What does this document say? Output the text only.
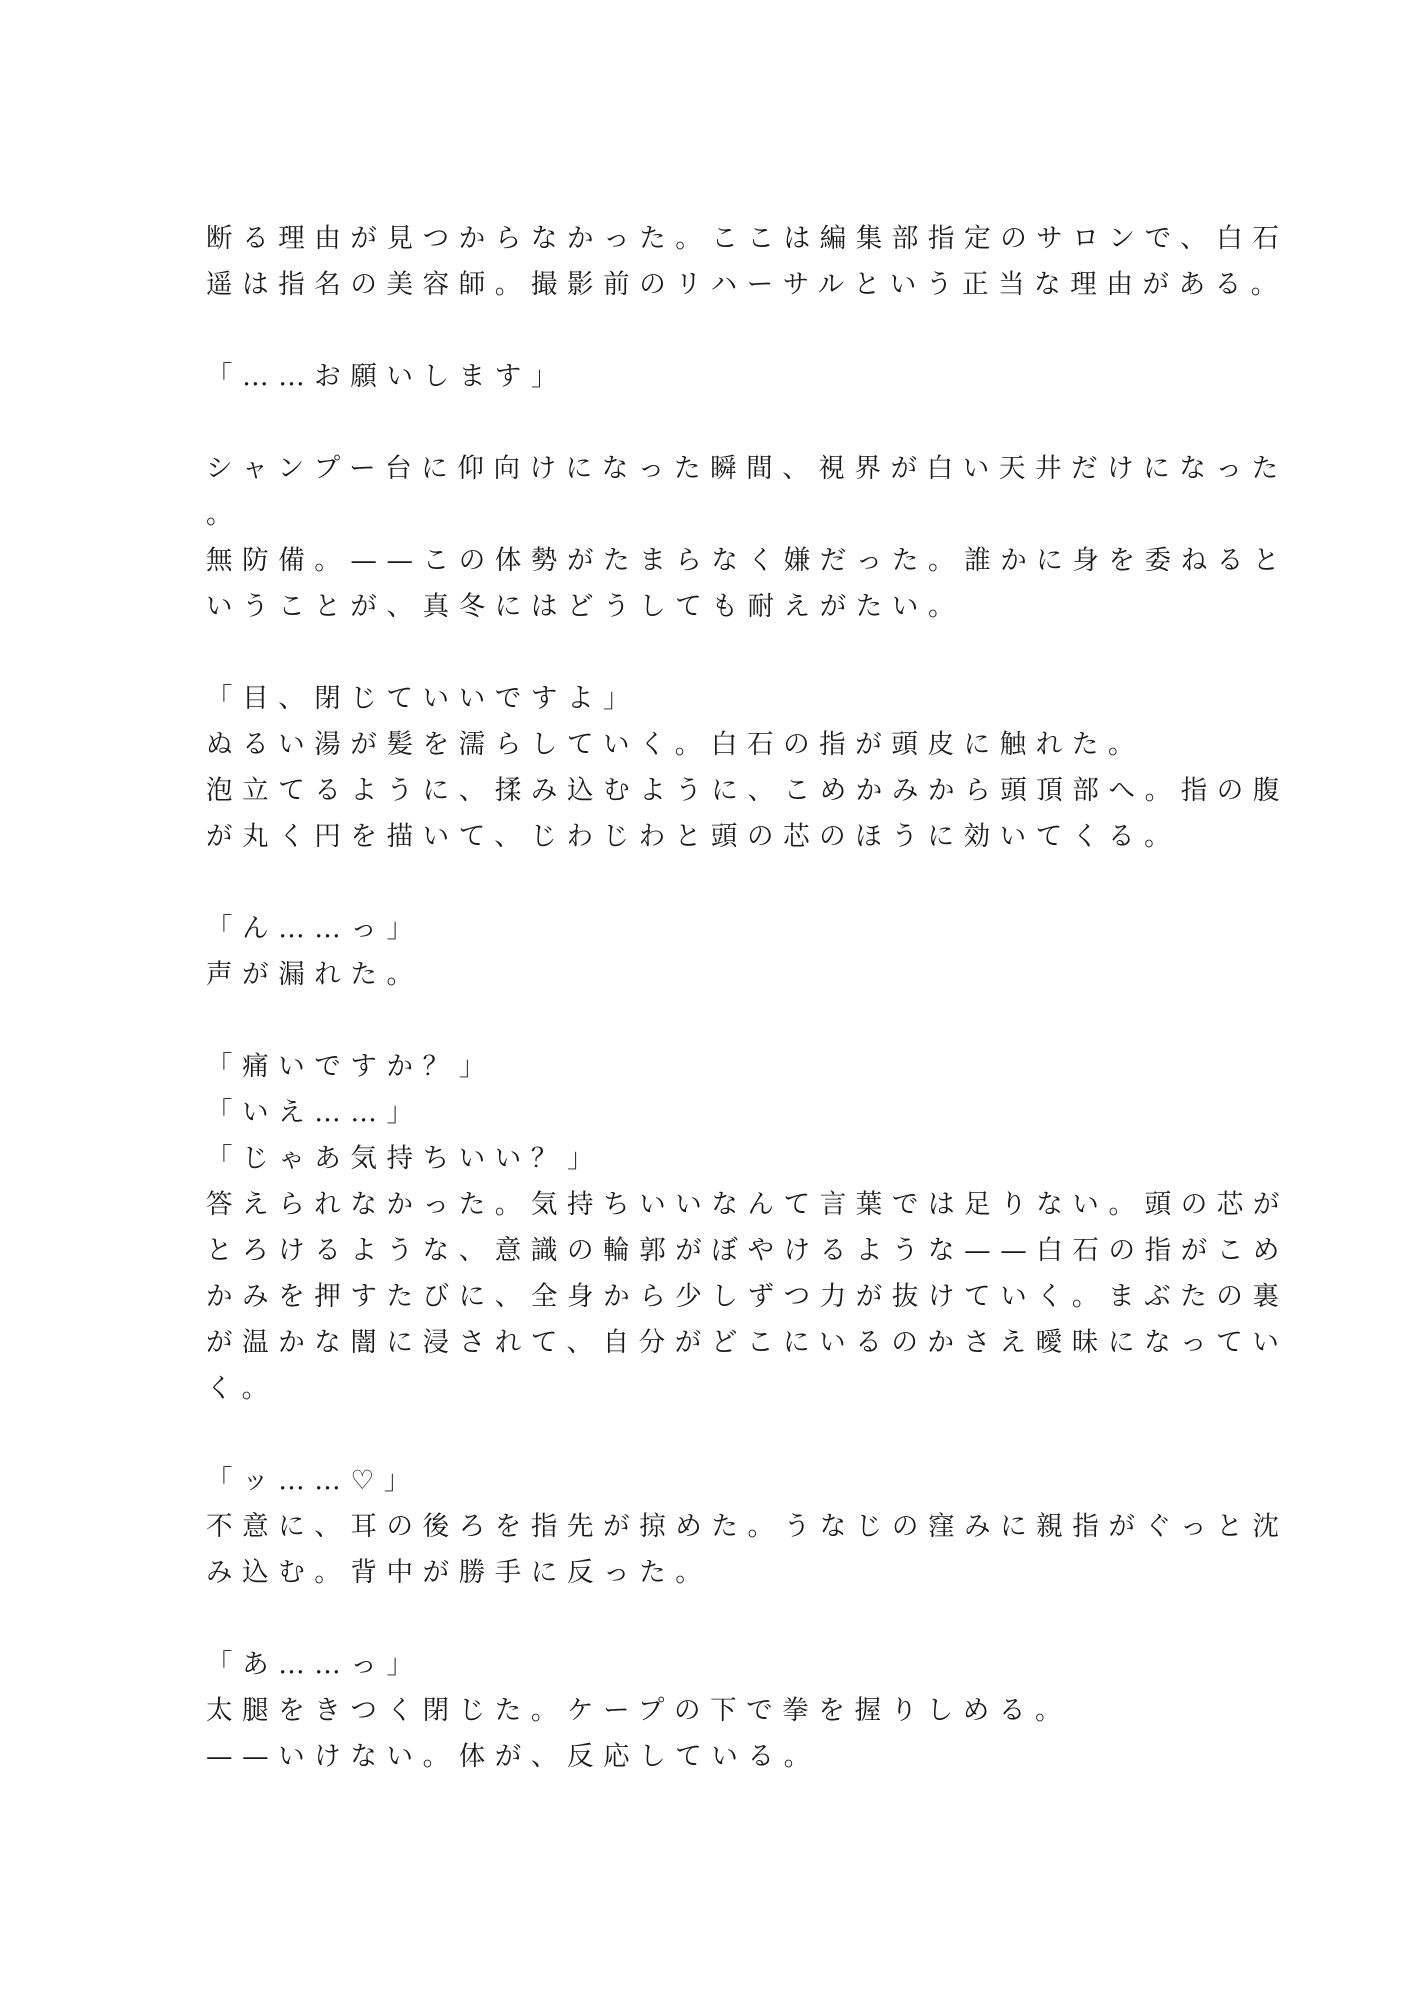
断る理由が見つからなかった。ここは編集部指定のサロンで、白石
遥は指名の美容師。撮影前のリハーサルという正当な理由がある。
「……お願いします」
シャンプー台に仰向けになった瞬間、視界が白い天井だけになった
。
無防備。——この体勢がたまらなく嫌だった。誰かに身を委ねると
いうことが、真冬にはどうしても耐えがたい。
「目、閉じていいですよ」
ぬるい湯が髪を濡らしていく。白石の指が頭皮に触れた。
泡立てるように、揉み込むように、こめかみから頭頂部へ。指の腹
が丸く円を描いて、じわじわと頭の芯のほうに効いてくる。
「ん……っ」
声が漏れた。
「痛いですか？」
「いえ……」
「じゃあ気持ちいい？」
答えられなかった。気持ちいいなんて言葉では足りない。頭の芯が
とろけるような、意識の輪郭がぼやけるような——白石の指がこめ
かみを押すたびに、全身から少しずつ力が抜けていく。まぶたの裏
が温かな闇に浸されて、自分がどこにいるのかさえ曖昧になってい
く。
「ッ……♡」
不意に、耳の後ろを指先が掠めた。うなじの窪みに親指がぐっと沈
み込む。背中が勝手に反った。
「あ……っ」
太腿をきつく閉じた。ケープの下で拳を握りしめる。
——いけない。体が、反応している。
